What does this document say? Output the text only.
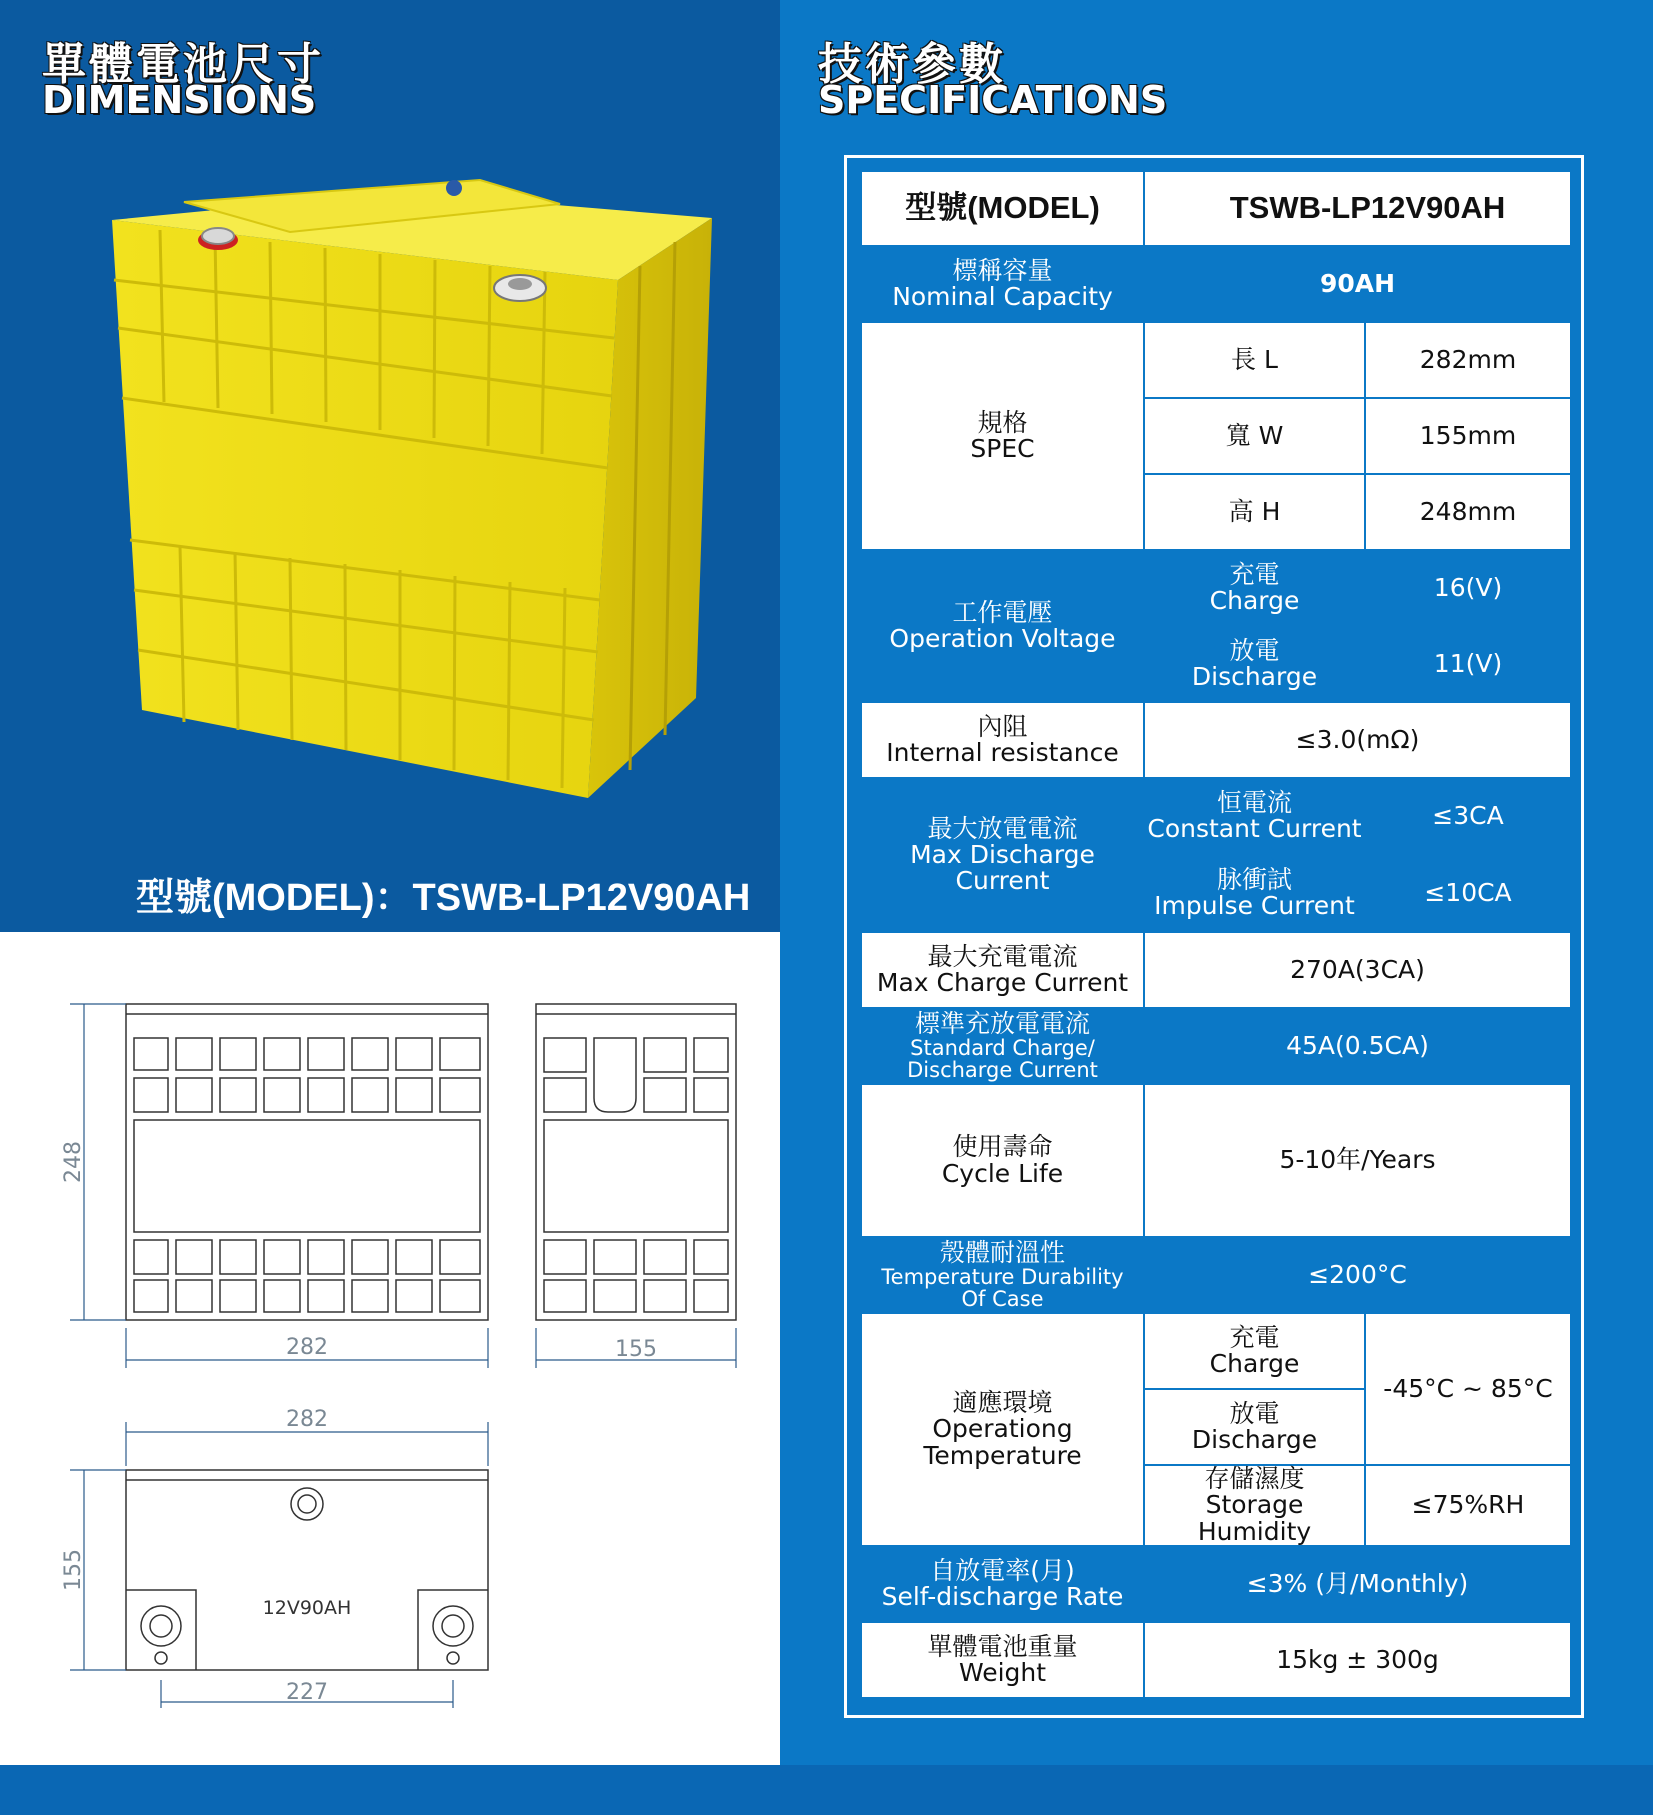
單體電池尺寸
DIMENSIONS
技術參數
SPECIFICATIONS
型號(MODEL)：TSWB-LP12V90AH
248
282	155
282
155
227
12V90AH
型號(MODEL)	TSWB-LP12V90AH	

標稱容量
Nominal Capacity	90AH	

規格
SPEC	長 L	282mm
	寬 W	155mm
	高 H	248mm

工作電壓
Operation Voltage	充電
Charge	16(V)

	放電
Discharge	11(V)

內阻
Internal resistance	≤3.0(mΩ)	

最大放電電流
Max Discharge
Current	恒電流
Constant Current	≤3CA

	脉衝試
Impulse Current	≤10CA

最大充電電流
Max Charge Current	270A(3CA)	

標準充放電電流
Standard Charge/
Discharge Current	45A(0.5CA)	

使用壽命
Cycle Life	5-10年/Years	

殼體耐溫性
Temperature Durability
Of Case	≤200°C	

適應環境
Operationg
Temperature	充電
Charge	-45°C ~ 85°C

	放電
Discharge	

	存儲濕度
Storage Humidity	≤75%RH

自放電率(月)
Self-discharge Rate	≤3% (月/Monthly)	

單體電池重量
Weight	15kg ± 300g	
